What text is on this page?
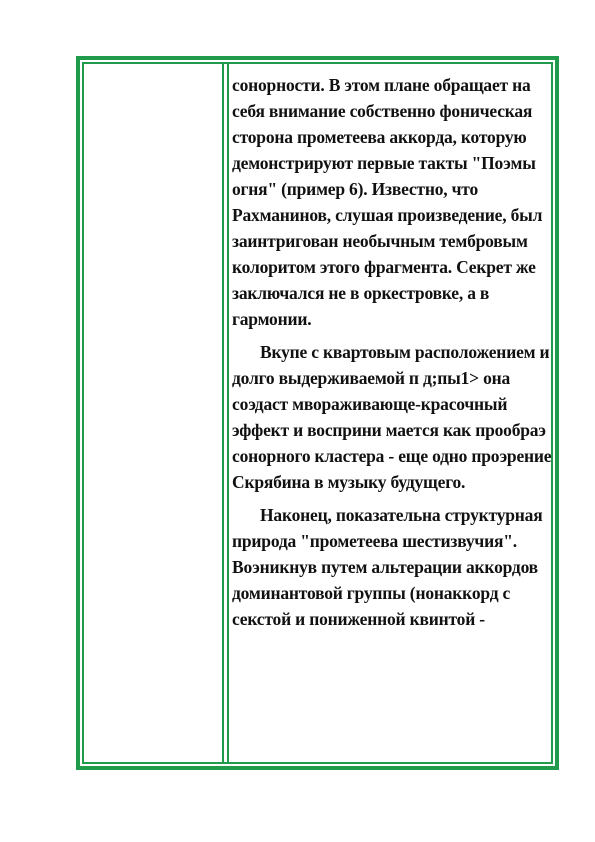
сонорности. В этом плане обращает на себя внимание собственно фоническая сторона прометеева аккорда, которую демонстрируют первые такты "Поэмы огня" (пример 6). Известно, что Рахманинов, слушая произведение, был заинтригован необычным тембровым колоритом этого фрагмента. Секрет же заключался не в оркестровке, а в гармонии.

Вкупе с квартовым расположением и долго выдерживаемой п д;пы1> она соэдаст мвораживающе-красочный эффект и восприни мается как прообраэ сонорного кластера - еще одно проэрение Скрябина в музыку будущего.

Наконец, показательна структурная природа "прометеева шестизвучия". Воэникнув путем альтерации аккордов доминантовой группы (нонаккорд с секстой и пониженной квинтой -
